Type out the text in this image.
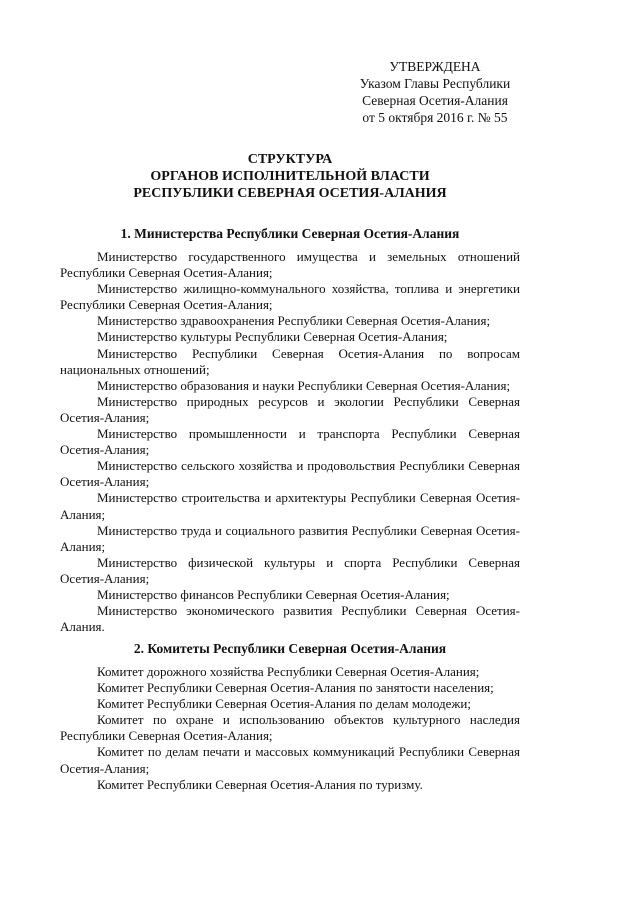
УТВЕРЖДЕНА
Указом Главы Республики
Северная Осетия-Алания
от 5 октября 2016 г. № 55
СТРУКТУРА
ОРГАНОВ ИСПОЛНИТЕЛЬНОЙ ВЛАСТИ
РЕСПУБЛИКИ СЕВЕРНАЯ ОСЕТИЯ-АЛАНИЯ
1. Министерства Республики Северная Осетия-Алания

Министерство государственного имущества и земельных отношений Республики Северная Осетия-Алания;

Министерство жилищно-коммунального хозяйства, топлива и энергетики Республики Северная Осетия-Алания;

Министерство здравоохранения Республики Северная Осетия-Алания;

Министерство культуры Республики Северная Осетия-Алания;

Министерство Республики Северная Осетия-Алания по вопросам национальных отношений;

Министерство образования и науки Республики Северная Осетия-Алания;

Министерство природных ресурсов и экологии Республики Северная Осетия-Алания;

Министерство промышленности и транспорта Республики Северная Осетия-Алания;

Министерство сельского хозяйства и продовольствия Республики Северная Осетия-Алания;

Министерство строительства и архитектуры Республики Северная Осетия-Алания;

Министерство труда и социального развития Республики Северная Осетия-Алания;

Министерство физической культуры и спорта Республики Северная Осетия-Алания;

Министерство финансов Республики Северная Осетия-Алания;

Министерство экономического развития Республики Северная Осетия-Алания.

2. Комитеты Республики Северная Осетия-Алания

Комитет дорожного хозяйства Республики Северная Осетия-Алания;

Комитет Республики Северная Осетия-Алания по занятости населения;

Комитет Республики Северная Осетия-Алания по делам молодежи;

Комитет по охране и использованию объектов культурного наследия Республики Северная Осетия-Алания;

Комитет по делам печати и массовых коммуникаций Республики Северная Осетия-Алания;

Комитет Республики Северная Осетия-Алания по туризму.
